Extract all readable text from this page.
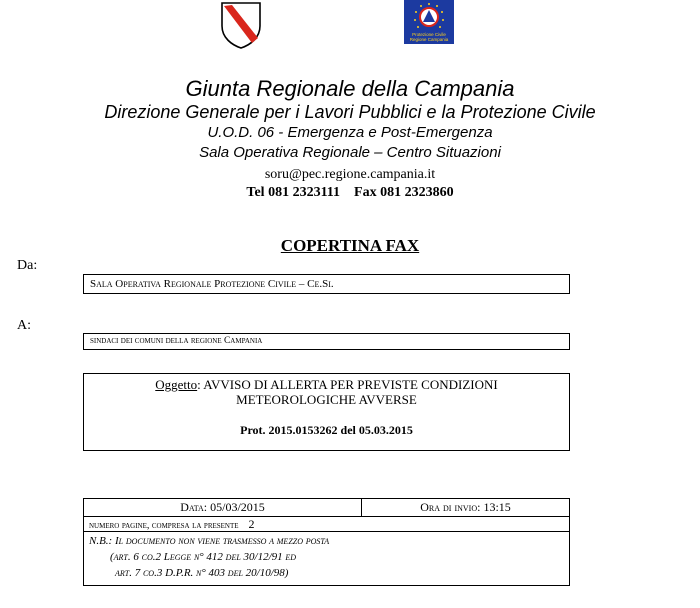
Protezione Civile
Regione Campania
Giunta Regionale della Campania
Direzione Generale per i Lavori Pubblici e la Protezione Civile
U.O.D. 06 - Emergenza e Post-Emergenza
Sala Operativa Regionale – Centro Situazioni
soru@pec.regione.campania.it
Tel 081 2323111    Fax 081 2323860
COPERTINA FAX
Da:
Sala Operativa Regionale Protezione Civile – Ce.Si.
A:
sindaci dei comuni della regione Campania
Oggetto: AVVISO DI ALLERTA PER PREVISTE CONDIZIONI
METEOROLOGICHE AVVERSE
Prot. 2015.0153262 del 05.03.2015
Data: 05/03/2015	Ora di invio: 13:15
numero pagine, compresa la presente 2
N.B.: Il documento non viene trasmesso a mezzo posta
(art. 6 co.2 Legge n° 412 del 30/12/91 ed
art. 7 co.3 D.P.R. n° 403 del 20/10/98)
